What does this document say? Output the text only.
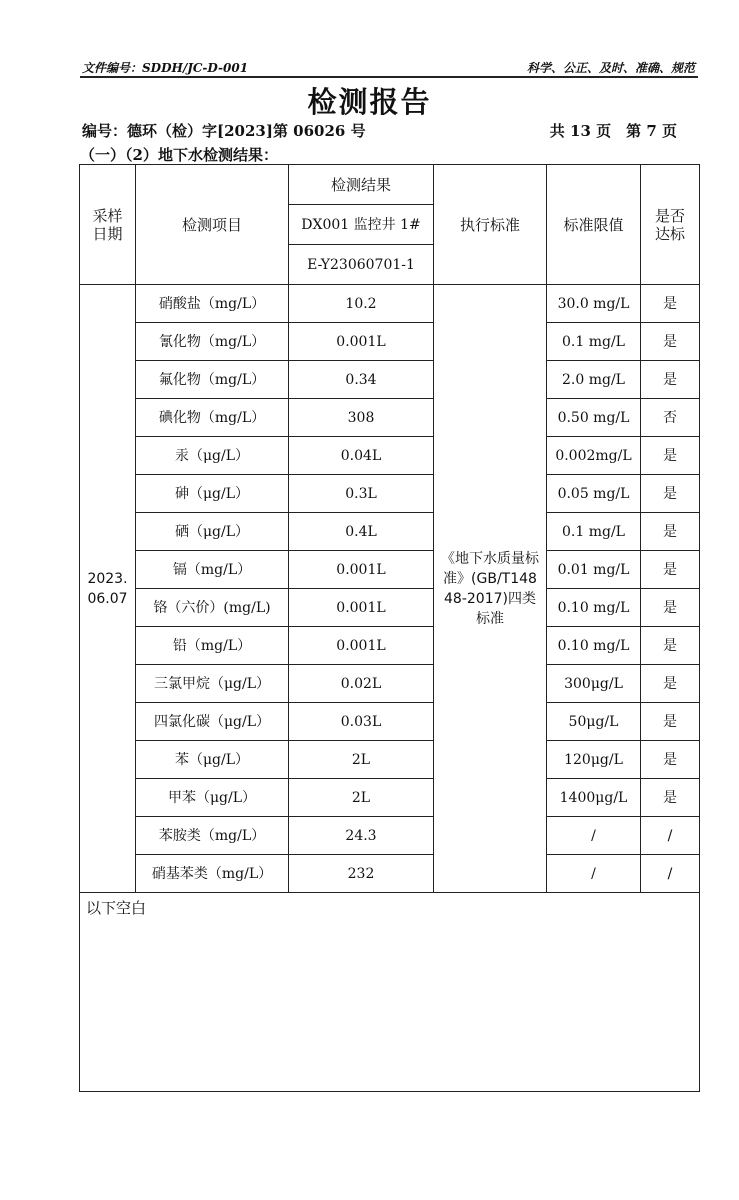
文件编号：SDDH/JC-D-001	科学、公正、及时、准确、规范
检测报告
编号：德环（检）字[2023]第 06026 号	共 13 页　第 7 页
（一）（2）地下水检测结果：
采样日期	检测项目	检测结果	执行标准	标准限值	是否达标
		DX001 监控井 1#			
		E-Y23060701-1			
2023.06.07	硝酸盐（mg/L）	10.2	《地下水质量标准》(GB/T14848-2017)四类标准	30.0 mg/L	是
	氰化物（mg/L）	0.001L		0.1 mg/L	是
	氟化物（mg/L）	0.34		2.0 mg/L	是
	碘化物（mg/L）	308		0.50 mg/L	否
	汞（μg/L）	0.04L		0.002mg/L	是
	砷（μg/L）	0.3L		0.05 mg/L	是
	硒（μg/L）	0.4L		0.1 mg/L	是
	镉（mg/L）	0.001L		0.01 mg/L	是
	铬（六价）(mg/L)	0.001L		0.10 mg/L	是
	铅（mg/L）	0.001L		0.10 mg/L	是
	三氯甲烷（μg/L）	0.02L		300μg/L	是
	四氯化碳（μg/L）	0.03L		50μg/L	是
	苯（μg/L）	2L		120μg/L	是
	甲苯（μg/L）	2L		1400μg/L	是
	苯胺类（mg/L）	24.3		/	/
	硝基苯类（mg/L）	232		/	/
以下空白					
